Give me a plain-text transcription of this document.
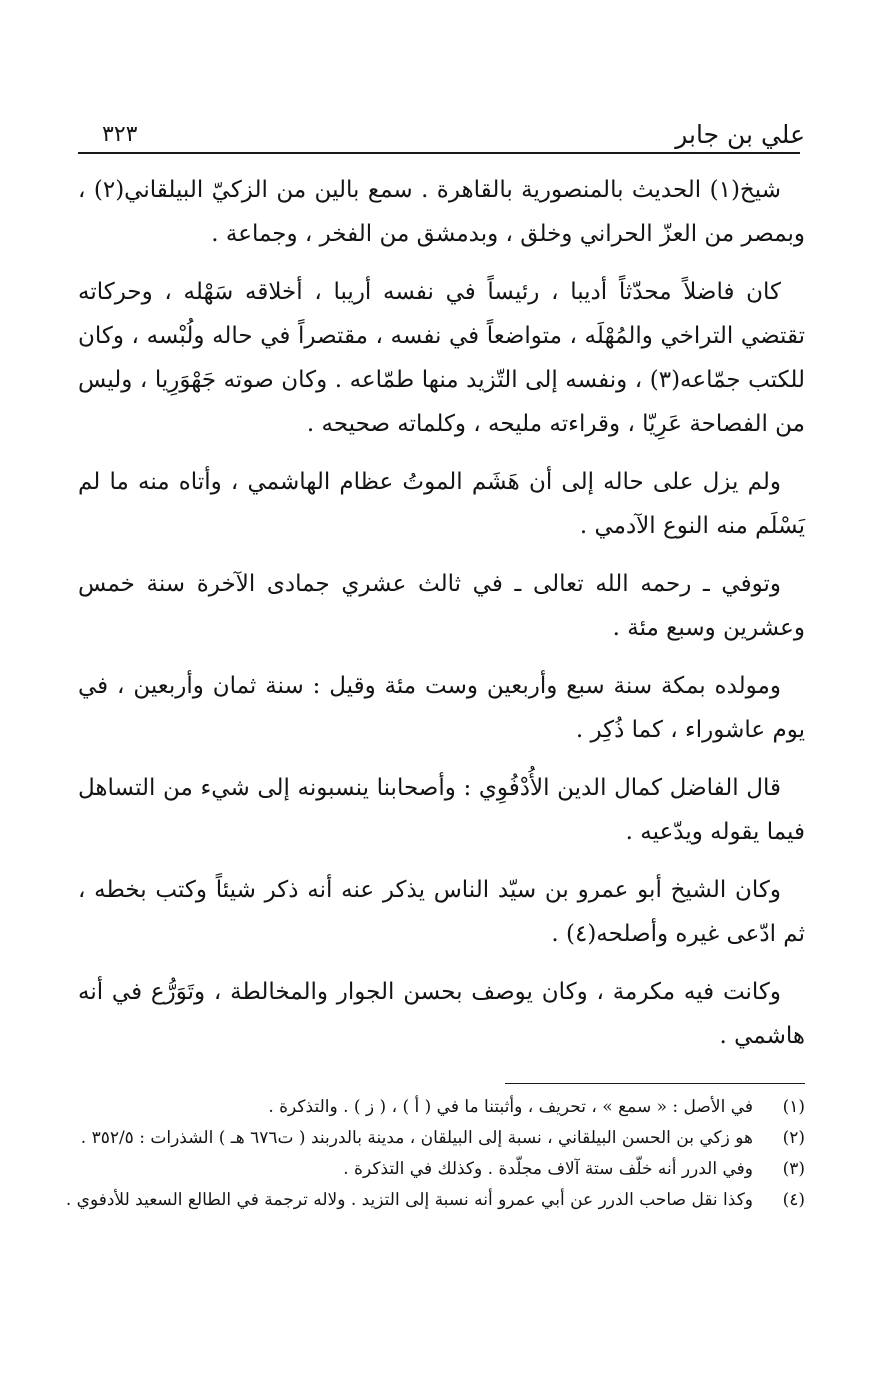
علي بن جابر
٣٢٣

شيخ(١) الحديث بالمنصورية بالقاهرة . سمع بالين من الزكيّ البيلقاني(٢) ، وبمصر من العزّ الحراني وخلق ، وبدمشق من الفخر ، وجماعة .

كان فاضلاً محدّثاً أديبا ، رئيساً في نفسه أريبا ، أخلاقه سَهْله ، وحركاته تقتضي التراخي والمُهْلَه ، متواضعاً في نفسه ، مقتصراً في حاله ولُبْسه ، وكان للكتب جمّاعه(٣) ، ونفسه إلى التّزيد منها طمّاعه . وكان صوته جَهْوَرِيا ، وليس من الفصاحة عَرِيّا ، وقراءته مليحه ، وكلماته صحيحه .

ولم يزل على حاله إلى أن هَشَم الموتُ عظام الهاشمي ، وأتاه منه ما لم يَسْلَم منه النوع الآدمي .

وتوفي ـ رحمه الله تعالى ـ في ثالث عشري جمادى الآخرة سنة خمس وعشرين وسبع مئة .

ومولده بمكة سنة سبع وأربعين وست مئة وقيل : سنة ثمان وأربعين ، في يوم عاشوراء ، كما ذُكِر .

قال الفاضل كمال الدين الأُدْفُوِي : وأصحابنا ينسبونه إلى شيء من التساهل فيما يقوله ويدّعيه .

وكان الشيخ أبو عمرو بن سيّد الناس يذكر عنه أنه ذكر شيئاً وكتب بخطه ، ثم ادّعى غيره وأصلحه(٤) .

وكانت فيه مكرمة ، وكان يوصف بحسن الجوار والمخالطة ، وتَوَرُّع في أنه هاشمي .

(١)
في الأصل : « سمع » ، تحريف ، وأثبتنا ما في ( أ ) ، ( ز ) . والتذكرة .
(٢)
هو زكي بن الحسن البيلقاني ، نسبة إلى البيلقان ، مدينة بالدربند ( ت٦٧٦ هـ ) الشذرات : ٣٥٢/٥ .
(٣)
وفي الدرر أنه خلّف ستة آلاف مجلّدة . وكذلك في التذكرة .
(٤)
وكذا نقل صاحب الدرر عن أبي عمرو أنه نسبة إلى التزيد . ولاله ترجمة في الطالع السعيد للأدفوي .
